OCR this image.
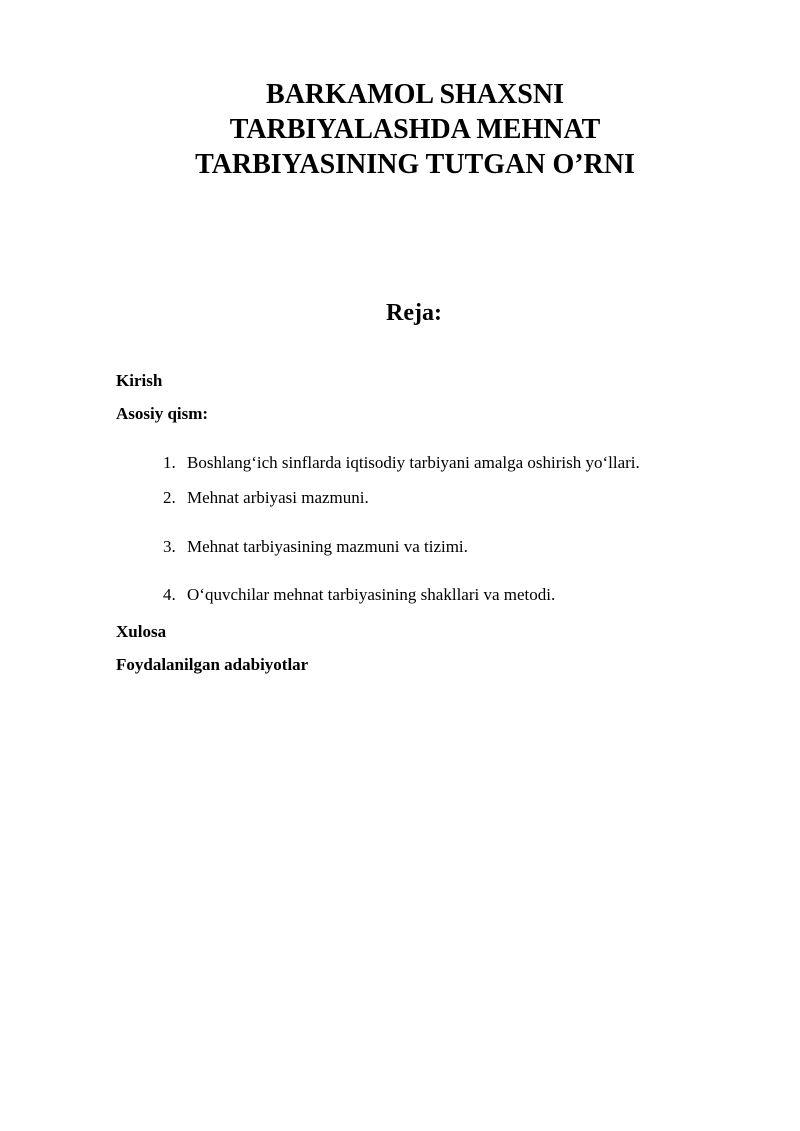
BARKAMOL SHAXSNI
TARBIYALASHDA MEHNAT
TARBIYASINING TUTGAN O’RNI
Reja:
Kirish
Asosiy qism:
1. Boshlang‘ich sinflarda iqtisodiy tarbiyani amalga oshirish yo‘llari.
2. Mehnat arbiyasi mazmuni.
3. Mehnat tarbiyasining mazmuni va tizimi.
4. O‘quvchilar mehnat tarbiyasining shakllari va metodi.
Xulosa
Foydalanilgan adabiyotlar
